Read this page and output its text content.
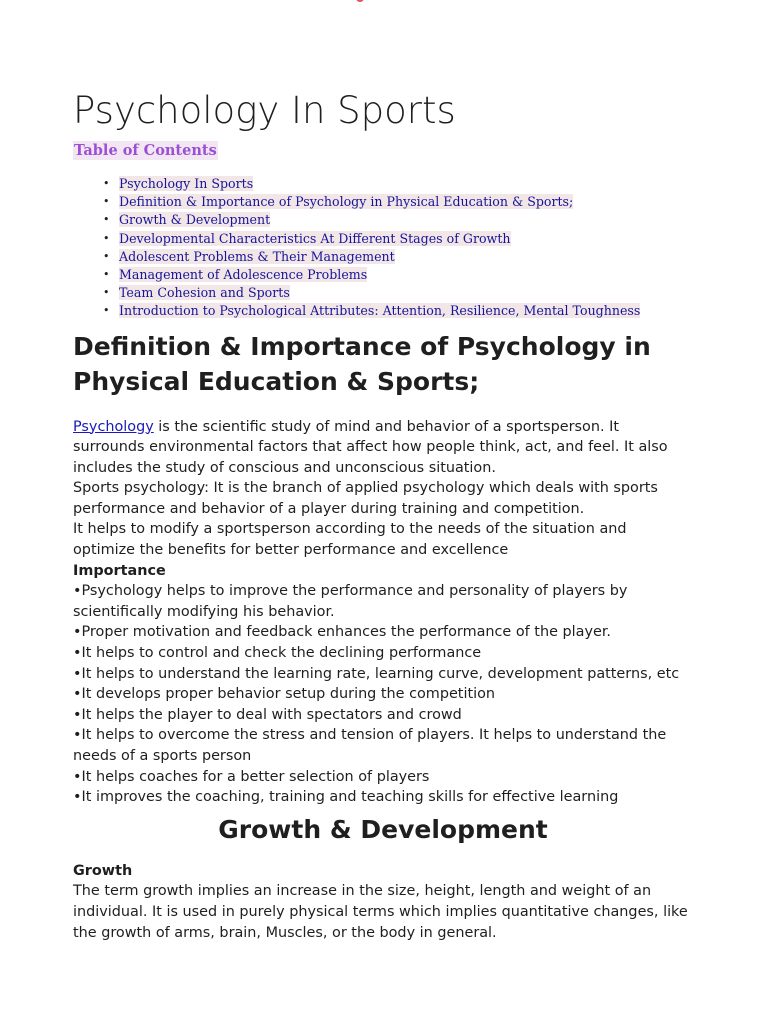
Psychology In Sports
Table of Contents
• Psychology In Sports
• Definition & Importance of Psychology in Physical Education & Sports;
• Growth & Development
• Developmental Characteristics At Different Stages of Growth
• Adolescent Problems & Their Management
• Management of Adolescence Problems
• Team Cohesion and Sports
• Introduction to Psychological Attributes: Attention, Resilience, Mental Toughness
Definition & Importance of Psychology in
Physical Education & Sports;
Psychology is the scientific study of mind and behavior of a sportsperson. It
surrounds environmental factors that affect how people think, act, and feel. It also
includes the study of conscious and unconscious situation.
Sports psychology: It is the branch of applied psychology which deals with sports
performance and behavior of a player during training and competition.
It helps to modify a sportsperson according to the needs of the situation and
optimize the benefits for better performance and excellence
Importance
•Psychology helps to improve the performance and personality of players by
scientifically modifying his behavior.
•Proper motivation and feedback enhances the performance of the player.
•It helps to control and check the declining performance
•It helps to understand the learning rate, learning curve, development patterns, etc
•It develops proper behavior setup during the competition
•It helps the player to deal with spectators and crowd
•It helps to overcome the stress and tension of players. It helps to understand the
needs of a sports person
•It helps coaches for a better selection of players
•It improves the coaching, training and teaching skills for effective learning
Growth & Development
Growth
The term growth implies an increase in the size, height, length and weight of an
individual. It is used in purely physical terms which implies quantitative changes, like
the growth of arms, brain, Muscles, or the body in general.
